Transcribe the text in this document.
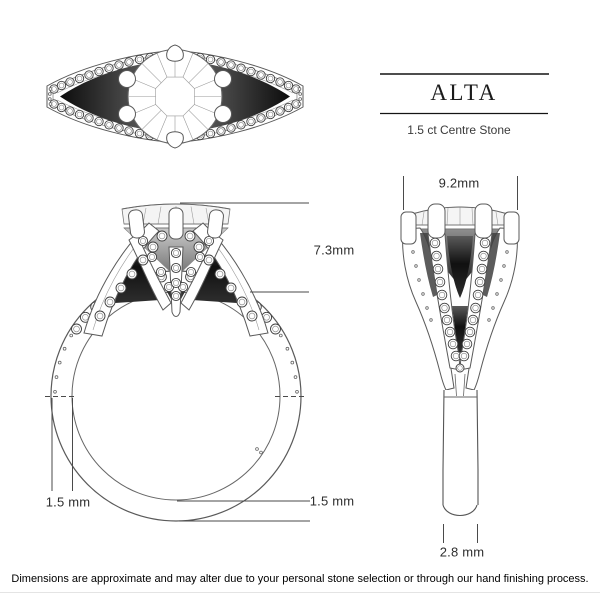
ALTA
1.5 ct Centre Stone
9.2mm
7.3mm
1.5 mm	1.5 mm
2.8 mm
Dimensions are approximate and may alter due to your personal stone selection or through our hand finishing process.
